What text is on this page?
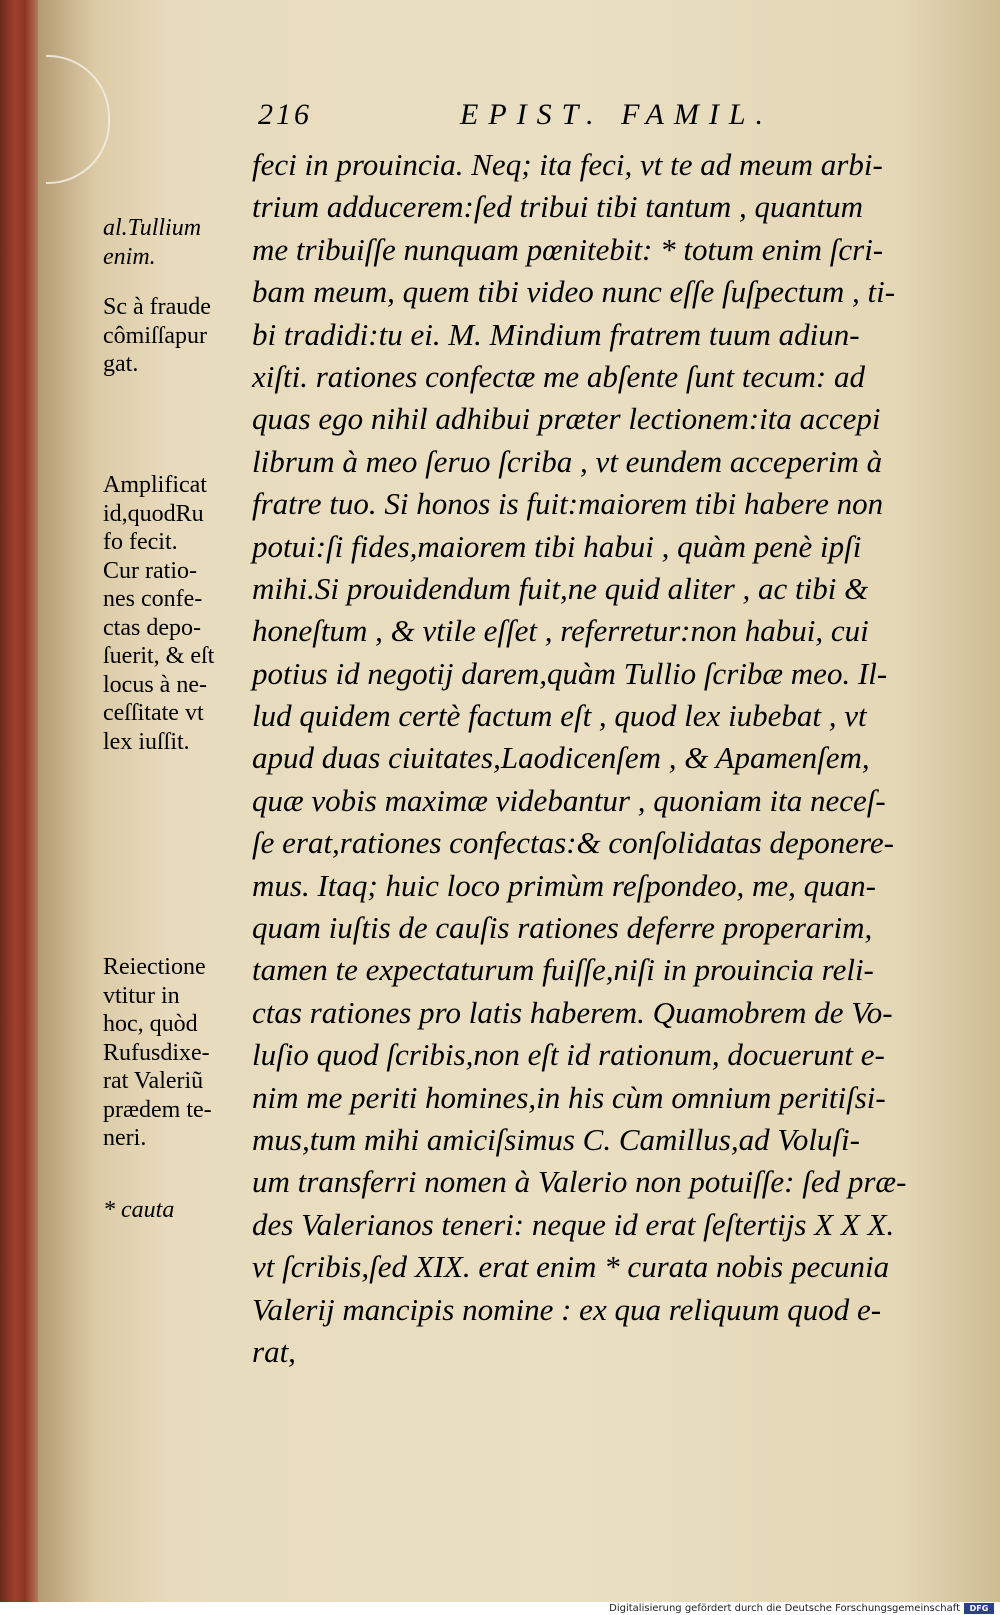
216	EPIST. FAMIL.
feci in prouincia. Neq; ita feci, vt te ad meum arbi-
trium adducerem:ſed tribui tibi tantum , quantum
me tribuiſſe nunquam pœnitebit: * totum enim ſcri-
bam meum, quem tibi video nunc eſſe ſuſpectum , ti-
bi tradidi:tu ei. M. Mindium fratrem tuum adiun-
xiſti. rationes confectæ me abſente ſunt tecum: ad
quas ego nihil adhibui præter lectionem:ita accepi
librum à meo ſeruo ſcriba , vt eundem acceperim à
fratre tuo. Si honos is fuit:maiorem tibi habere non
potui:ſi fides,maiorem tibi habui , quàm penè ipſi
mihi.Si prouidendum fuit,ne quid aliter , ac tibi &
honeſtum , & vtile eſſet , referretur:non habui, cui
potius id negotij darem,quàm Tullio ſcribæ meo. Il-
lud quidem certè factum eſt , quod lex iubebat , vt
apud duas ciuitates,Laodicenſem , & Apamenſem,
quæ vobis maximæ videbantur , quoniam ita neceſ-
ſe erat,rationes confectas:& conſolidatas deponere-
mus. Itaq; huic loco primùm reſpondeo, me, quan-
quam iuſtis de cauſis rationes deferre properarim,
tamen te expectaturum fuiſſe,niſi in prouincia reli-
ctas rationes pro latis haberem. Quamobrem de Vo-
luſio quod ſcribis,non eſt id rationum, docuerunt e-
nim me periti homines,in his cùm omnium peritiſsi-
mus,tum mihi amiciſsimus C. Camillus,ad Voluſi-
um transferri nomen à Valerio non potuiſſe: ſed præ-
des Valerianos teneri: neque id erat ſeſtertijs X X X.
vt ſcribis,ſed XIX. erat enim * curata nobis pecunia
Valerij mancipis nomine : ex qua reliquum quod e-
rat,
al.Tullium
enim.
Sc à fraude
cômiſſapur
gat.
Amplificat
id,quodRu
fo fecit.
Cur ratio-
nes confe-
ctas depo-
ſuerit, & eſt
locus à ne-
ceſſitate vt
lex iuſſit.
Reiectione
vtitur in
hoc, quòd
Rufusdixe-
rat Valeriũ
prædem te-
neri.
* cauta
Digitalisierung gefördert durch die Deutsche Forschungsgemeinschaft	DFG
